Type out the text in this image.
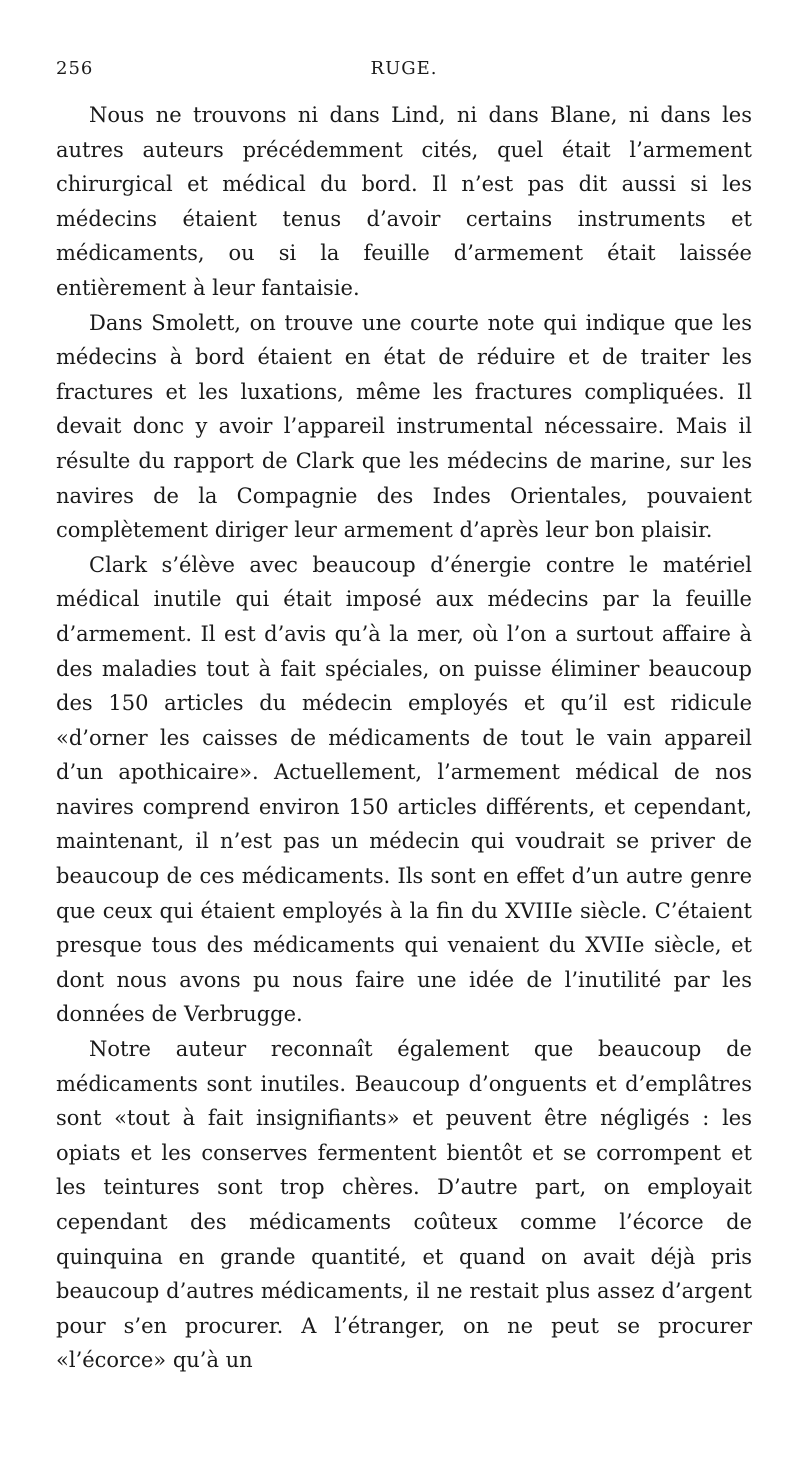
256	RUGE.

Nous ne trouvons ni dans Lind, ni dans Blane, ni dans les autres auteurs précédemment cités, quel était l’armement chirurgical et médical du bord. Il n’est pas dit aussi si les médecins étaient tenus d’avoir certains instruments et médicaments, ou si la feuille d’armement était laissée entièrement à leur fantaisie.

Dans Smolett, on trouve une courte note qui indique que les médecins à bord étaient en état de réduire et de traiter les fractures et les luxations, même les fractures compliquées. Il devait donc y avoir l’appareil instrumental nécessaire. Mais il résulte du rapport de Clark que les médecins de marine, sur les navires de la Compagnie des Indes Orientales, pouvaient complètement diriger leur armement d’après leur bon plaisir.

Clark s’élève avec beaucoup d’énergie contre le matériel médical inutile qui était imposé aux médecins par la feuille d’armement. Il est d’avis qu’à la mer, où l’on a surtout affaire à des maladies tout à fait spéciales, on puisse éliminer beaucoup des 150 articles du médecin employés et qu’il est ridicule «d’orner les caisses de médicaments de tout le vain appareil d’un apothicaire». Actuellement, l’armement médical de nos navires comprend environ 150 articles différents, et cependant, maintenant, il n’est pas un médecin qui voudrait se priver de beaucoup de ces médicaments. Ils sont en effet d’un autre genre que ceux qui étaient employés à la fin du XVIIIe siècle. C’étaient presque tous des médicaments qui venaient du XVIIe siècle, et dont nous avons pu nous faire une idée de l’inutilité par les données de Verbrugge.

Notre auteur reconnaît également que beaucoup de médicaments sont inutiles. Beaucoup d’onguents et d’emplâtres sont «tout à fait insignifiants» et peuvent être négligés : les opiats et les conserves fermentent bientôt et se corrompent et les teintures sont trop chères. D’autre part, on employait cependant des médicaments coûteux comme l’écorce de quinquina en grande quantité, et quand on avait déjà pris beaucoup d’autres médicaments, il ne restait plus assez d’argent pour s’en procurer. A l’étranger, on ne peut se procurer «l’écorce» qu’à un
